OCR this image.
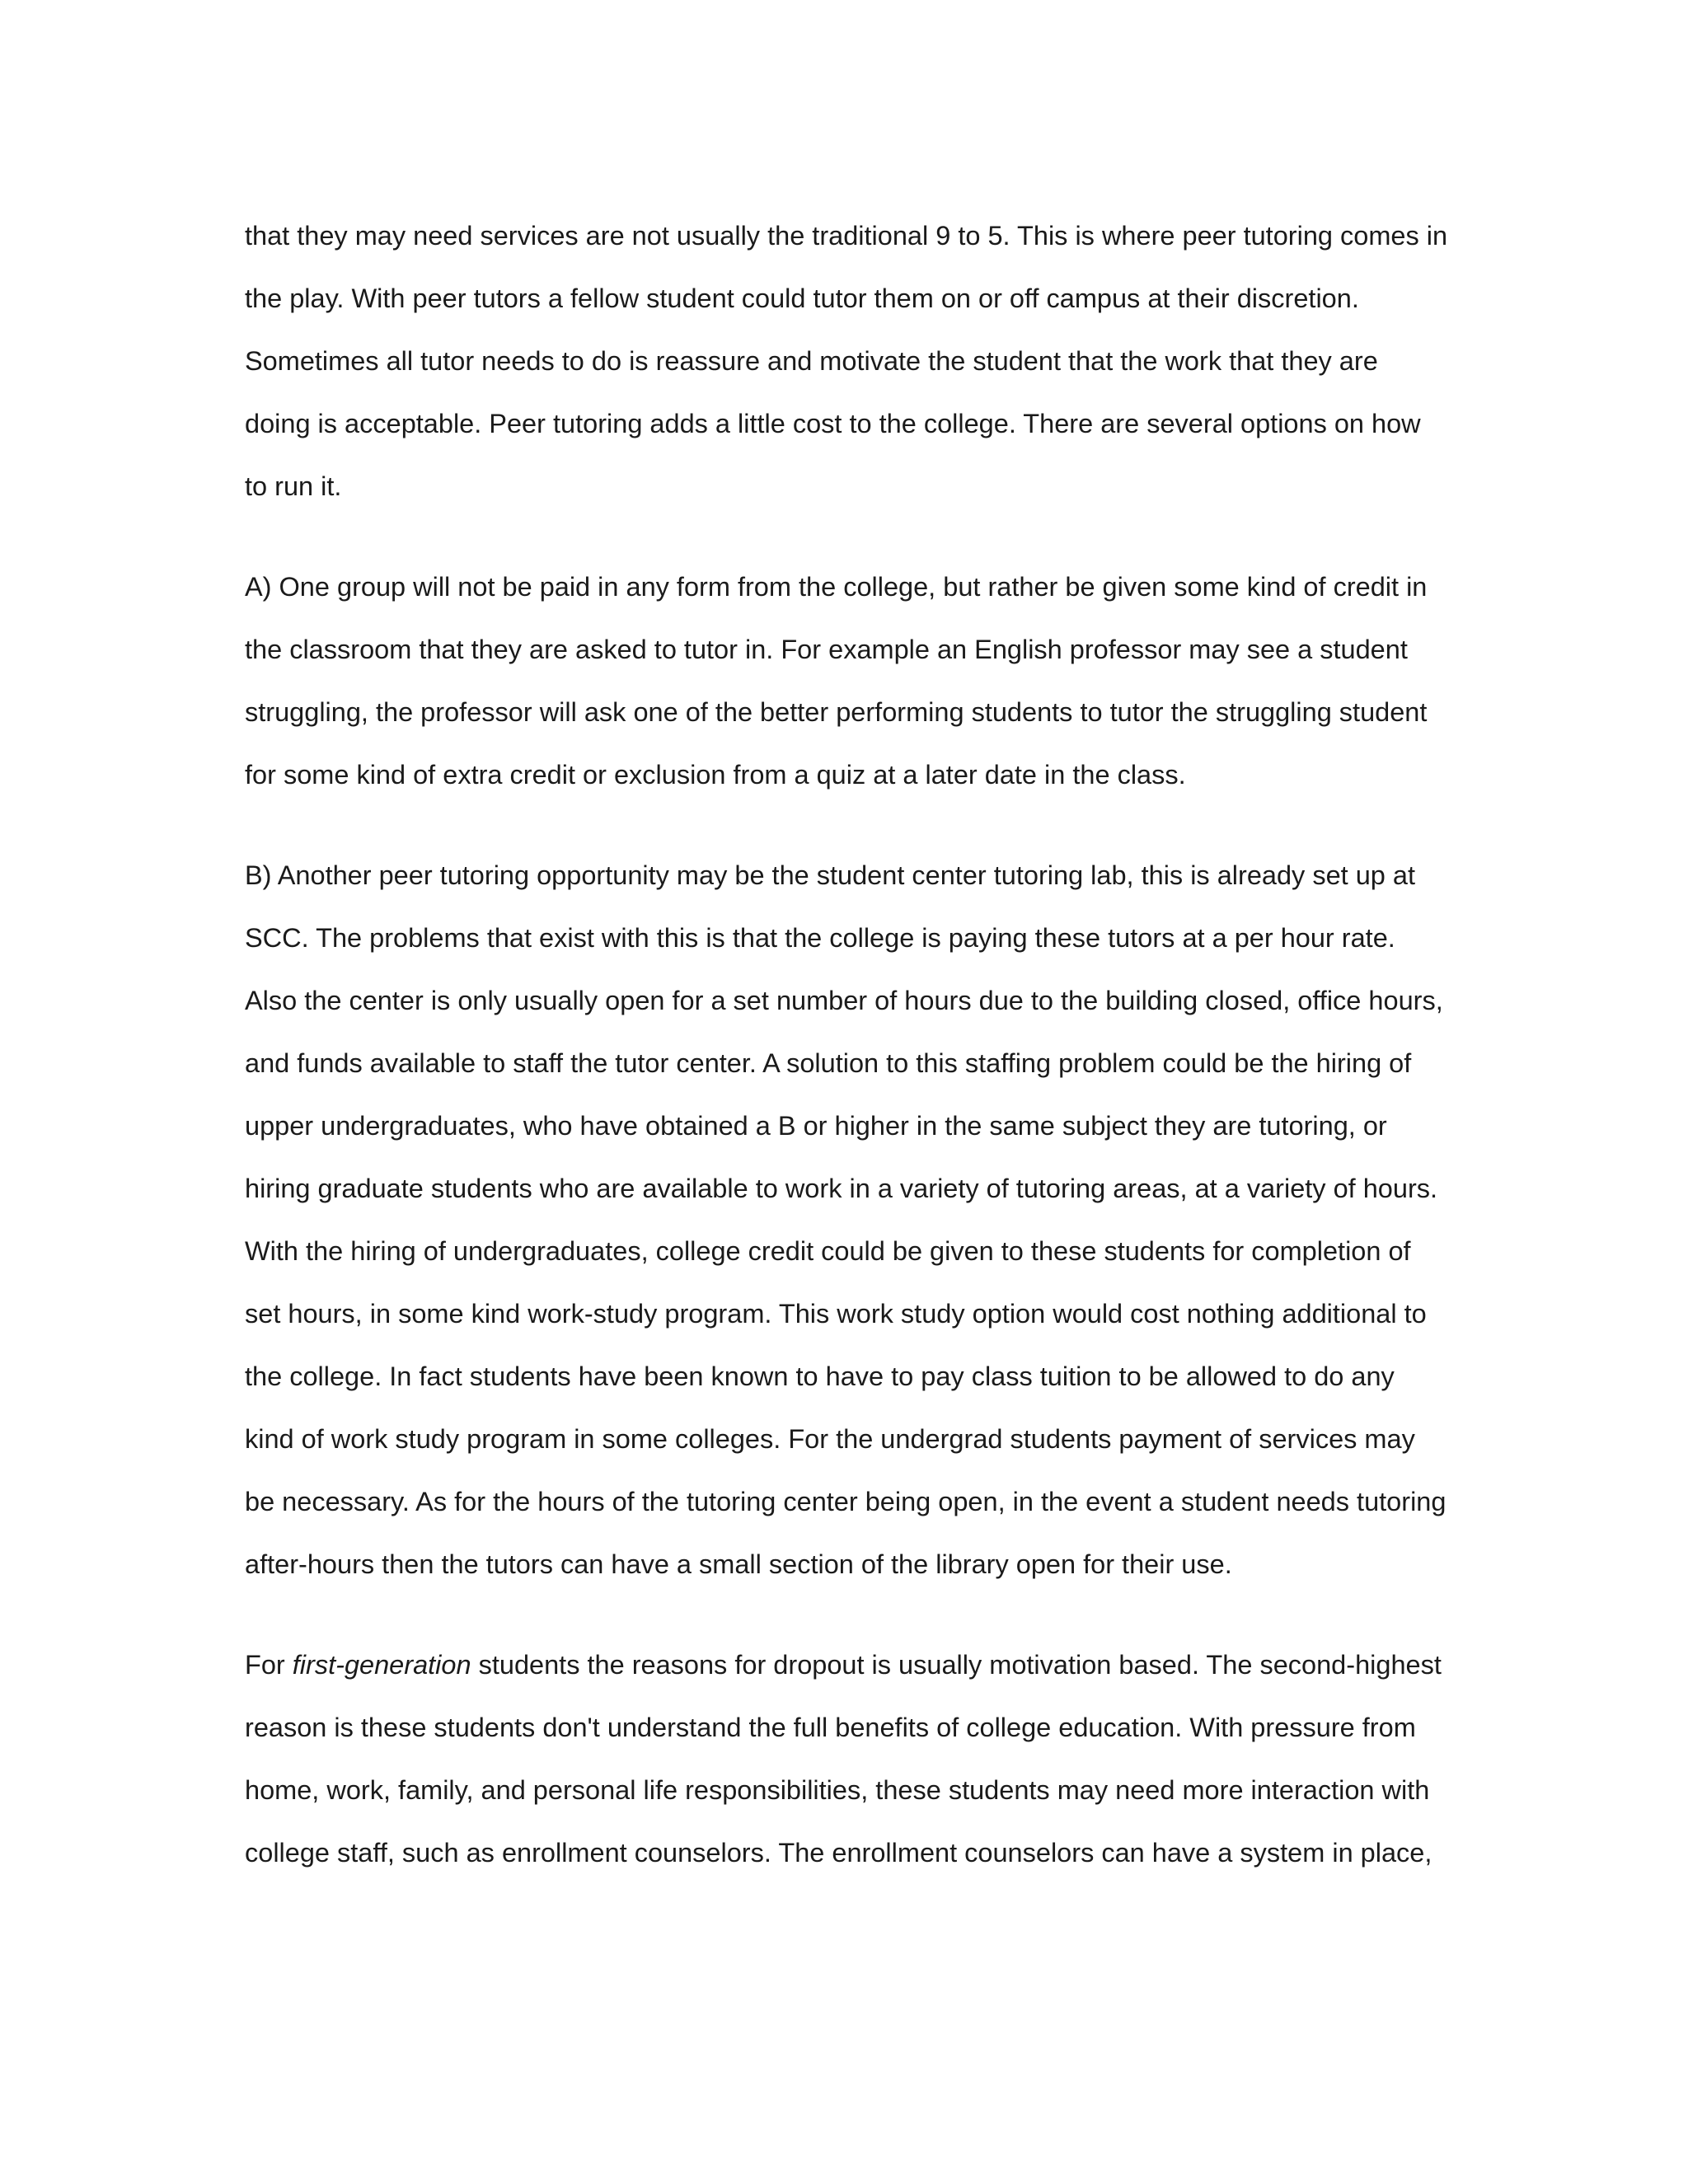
that they may need services are not usually the traditional 9 to 5. This is where peer tutoring comes in
the play. With peer tutors a fellow student could tutor them on or off campus at their discretion.
Sometimes all tutor needs to do is reassure and motivate the student that the work that they are
doing is acceptable. Peer tutoring adds a little cost to the college. There are several options on how
to run it.
A) One group will not be paid in any form from the college, but rather be given some kind of credit in
the classroom that they are asked to tutor in. For example an English professor may see a student
struggling, the professor will ask one of the better performing students to tutor the struggling student
for some kind of extra credit or exclusion from a quiz at a later date in the class.
B) Another peer tutoring opportunity may be the student center tutoring lab, this is already set up at
SCC. The problems that exist with this is that the college is paying these tutors at a per hour rate.
Also the center is only usually open for a set number of hours due to the building closed, office hours,
and funds available to staff the tutor center. A solution to this staffing problem could be the hiring of
upper undergraduates, who have obtained a B or higher in the same subject they are tutoring, or
hiring graduate students who are available to work in a variety of tutoring areas, at a variety of hours.
With the hiring of undergraduates, college credit could be given to these students for completion of
set hours, in some kind work-study program. This work study option would cost nothing additional to
the college. In fact students have been known to have to pay class tuition to be allowed to do any
kind of work study program in some colleges. For the undergrad students payment of services may
be necessary. As for the hours of the tutoring center being open, in the event a student needs tutoring
after-hours then the tutors can have a small section of the library open for their use.
For first-generation students the reasons for dropout is usually motivation based. The second-highest
reason is these students don't understand the full benefits of college education. With pressure from
home, work, family, and personal life responsibilities, these students may need more interaction with
college staff, such as enrollment counselors. The enrollment counselors can have a system in place,
